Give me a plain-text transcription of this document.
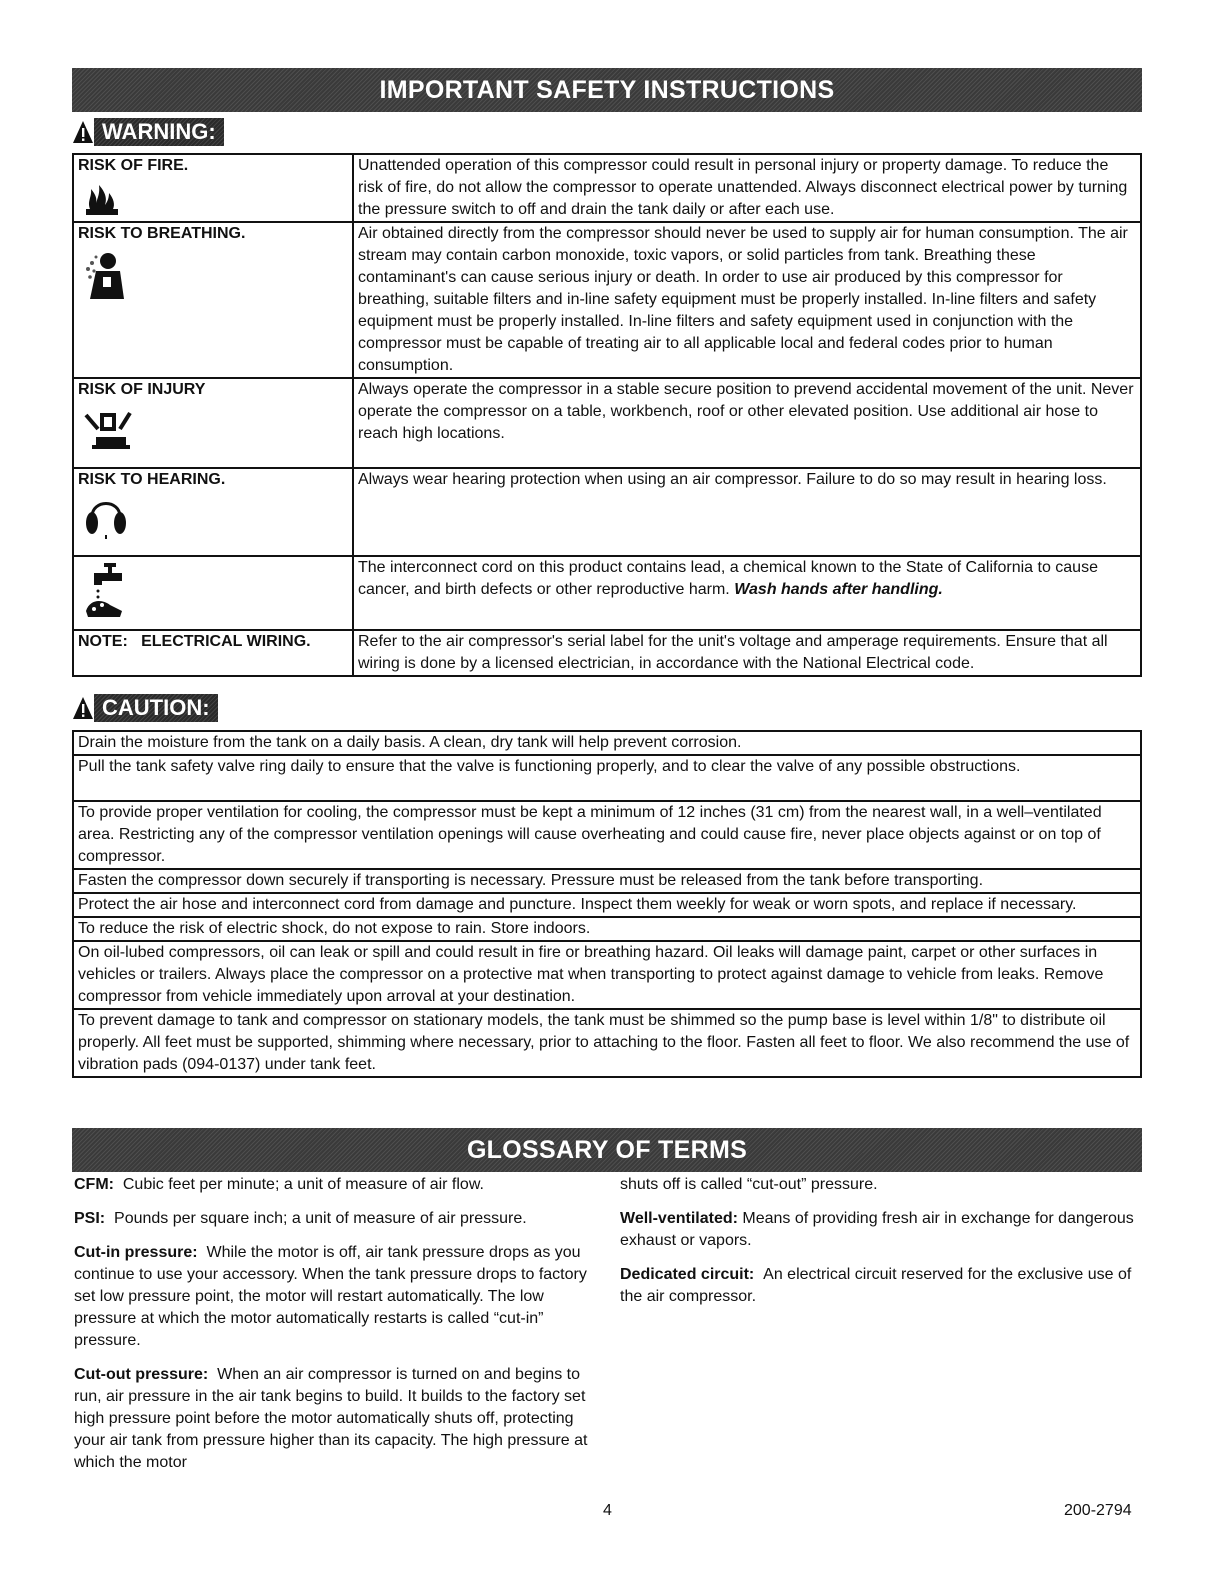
IMPORTANT SAFETY INSTRUCTIONS
WARNING:
RISK OF FIRE.	Unattended operation of this compressor could result in personal injury or property damage. To reduce the risk of fire, do not allow the compressor to operate unattended. Always disconnect electrical power by turning the pressure switch to off and drain the tank daily or after each use.

RISK TO BREATHING.	Air obtained directly from the compressor should never be used to supply air for human consumption. The air stream may contain carbon monoxide, toxic vapors, or solid particles from tank. Breathing these contaminant's can cause serious injury or death. In order to use air produced by this compressor for breathing, suitable filters and in-line safety equipment must be properly installed. In-line filters and safety equipment must be properly installed. In-line filters and safety equipment used in conjunction with the compressor must be capable of treating air to all applicable local and federal codes prior to human consumption.

RISK OF INJURY	Always operate the compressor in a stable secure position to prevend accidental movement of the unit. Never operate the compressor on a table, workbench, roof or other elevated position. Use additional air hose to reach high locations.

RISK TO HEARING.	Always wear hearing protection when using an air compressor. Failure to do so may result in hearing loss.

	The interconnect cord on this product contains lead, a chemical known to the State of California to cause cancer, and birth defects or other reproductive harm. Wash hands after handling.

NOTE:   ELECTRICAL WIRING.	Refer to the air compressor's serial label for the unit's voltage and amperage requirements. Ensure that all wiring is done by a licensed electrician, in accordance with the National Electrical code.
CAUTION:
Drain the moisture from the tank on a daily basis. A clean, dry tank will help prevent corrosion.
Pull the tank safety valve ring daily to ensure that the valve is functioning properly, and to clear the valve of any possible obstructions.
To provide proper ventilation for cooling, the compressor must be kept a minimum of 12 inches (31 cm) from the nearest wall, in a well–ventilated area. Restricting any of the compressor ventilation openings will cause overheating and could cause fire, never place objects against or on top of compressor.
Fasten the compressor down securely if transporting is necessary. Pressure must be released from the tank before transporting.
Protect the air hose and interconnect cord from damage and puncture. Inspect them weekly for weak or worn spots, and replace if necessary.
To reduce the risk of electric shock, do not expose to rain. Store indoors.
On oil-lubed compressors, oil can leak or spill and could result in fire or breathing hazard. Oil leaks will damage paint, carpet or other surfaces in vehicles or trailers. Always place the compressor on a protective mat when transporting to protect against damage to vehicle from leaks. Remove compressor from vehicle immediately upon arroval at your destination.
To prevent damage to tank and compressor on stationary models, the tank must be shimmed so the pump base is level within 1/8" to distribute oil properly. All feet must be supported, shimming where necessary, prior to attaching to the floor. Fasten all feet to floor. We also recommend the use of vibration pads (094-0137) under tank feet.
GLOSSARY OF TERMS

CFM: Cubic feet per minute; a unit of measure of air flow.

PSI: Pounds per square inch; a unit of measure of air pressure.

Cut-in pressure: While the motor is off, air tank pressure drops as you continue to use your accessory. When the tank pressure drops to factory set low pressure point, the motor will restart automatically. The low pressure at which the motor automatically restarts is called “cut-in” pressure.

Cut-out pressure: When an air compressor is turned on and begins to run, air pressure in the air tank begins to build. It builds to the factory set high pressure point before the motor automatically shuts off, protecting your air tank from pressure higher than its capacity. The high pressure at which the motor

shuts off is called “cut-out” pressure.

Well-ventilated: Means of providing fresh air in exchange for dangerous exhaust or vapors.

Dedicated circuit: An electrical circuit reserved for the exclusive use of the air compressor.

4	200-2794
